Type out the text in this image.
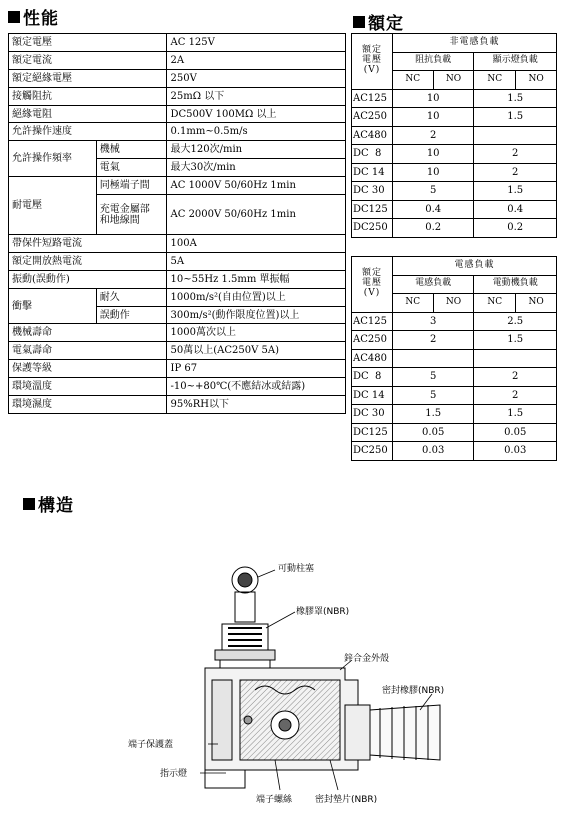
性能	額定
構造
額定電壓		AC 125V
額定電流		2A
額定絕緣電壓		250V
接觸阻抗		25mΩ 以下
絕緣電阻		DC500V 100MΩ 以上
允許操作速度		0.1mm~0.5m/s
允許操作頻率	機械	最大120次/min
	電氣	最大30次/min
耐電壓	同極端子間	AC 1000V 50/60Hz 1min
	充電金屬部
和地線間	AC 2000V 50/60Hz 1min
帶保件短路電流		100A
額定開放熱電流		5A
振動(誤動作)		10~55Hz 1.5mm 單振幅
衝擊	耐久	1000m/s²(自由位置)以上
	誤動作	300m/s²(動作限度位置)以上
機械壽命		1000萬次以上
電氣壽命		50萬以上(AC250V 5A)
保護等級		IP 67
環境溫度		-10~+80℃(不應結冰或結露)
環境濕度		95%RH以下
額定
電壓
(V)	非電感負載			
	阻抗負載		顯示燈負載	
	NC	NO	NC	NO
AC125	10		1.5	
AC250	10		1.5	
AC480	2			
DC  8	10		2	
DC 14	10		2	
DC 30	5		1.5	
DC125	0.4		0.4	
DC250	0.2		0.2	
額定
電壓
(V)	電感負載			
	電感負載		電動機負載	
	NC	NO	NC	NO
AC125	3		2.5	
AC250	2		1.5	
AC480				
DC  8	5		2	
DC 14	5		2	
DC 30	1.5		1.5	
DC125	0.05		0.05	
DC250	0.03		0.03	
可動柱塞
橡膠罩(NBR)
鋅合金外殼
密封橡膠(NBR)
端子保護蓋
指示燈
端子螺絲	密封墊片(NBR)
